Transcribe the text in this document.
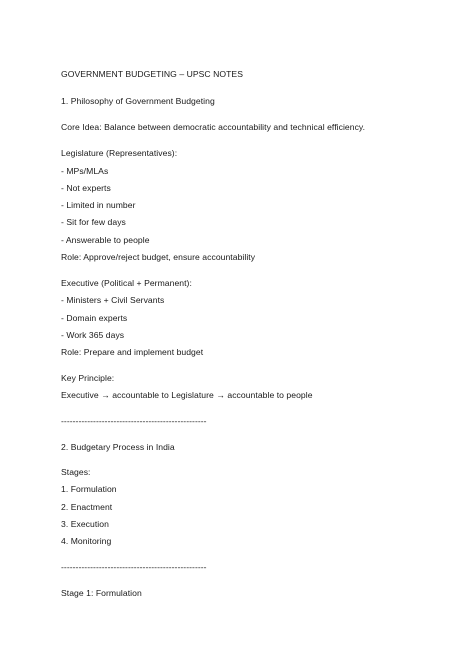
GOVERNMENT BUDGETING – UPSC NOTES
1. Philosophy of Government Budgeting
Core Idea: Balance between democratic accountability and technical efficiency.
Legislature (Representatives):
- MPs/MLAs
- Not experts
- Limited in number
- Sit for few days
- Answerable to people
Role: Approve/reject budget, ensure accountability
Executive (Political + Permanent):
- Ministers + Civil Servants
- Domain experts
- Work 365 days
Role: Prepare and implement budget
Key Principle:
Executive → accountable to Legislature → accountable to people
--------------------------------------------------
2. Budgetary Process in India
Stages:
1. Formulation
2. Enactment
3. Execution
4. Monitoring
--------------------------------------------------
Stage 1: Formulation
